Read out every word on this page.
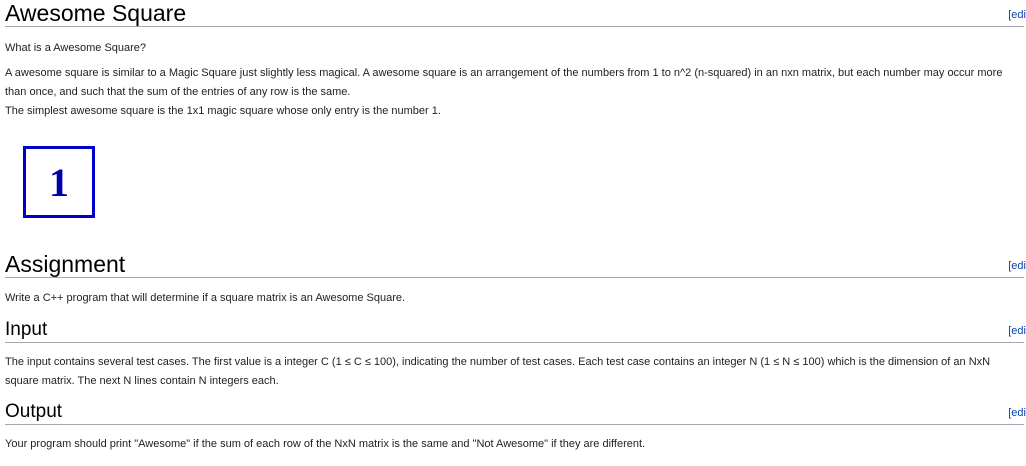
Awesome Square	[edi
What is a Awesome Square?
A awesome square is similar to a Magic Square just slightly less magical. A awesome square is an arrangement of the numbers from 1 to n^2 (n-squared) in an nxn matrix, but each number may occur more than once, and such that the sum of the entries of any row is the same.
The simplest awesome square is the 1x1 magic square whose only entry is the number 1.
1
Assignment	[edi
Write a C++ program that will determine if a square matrix is an Awesome Square.
Input	[edi
The input contains several test cases. The first value is a integer C (1 ≤ C ≤ 100), indicating the number of test cases. Each test case contains an integer N (1 ≤ N ≤ 100) which is the dimension of an NxN square matrix. The next N lines contain N integers each.
Output	[edi
Your program should print "Awesome" if the sum of each row of the NxN matrix is the same and "Not Awesome" if they are different.
